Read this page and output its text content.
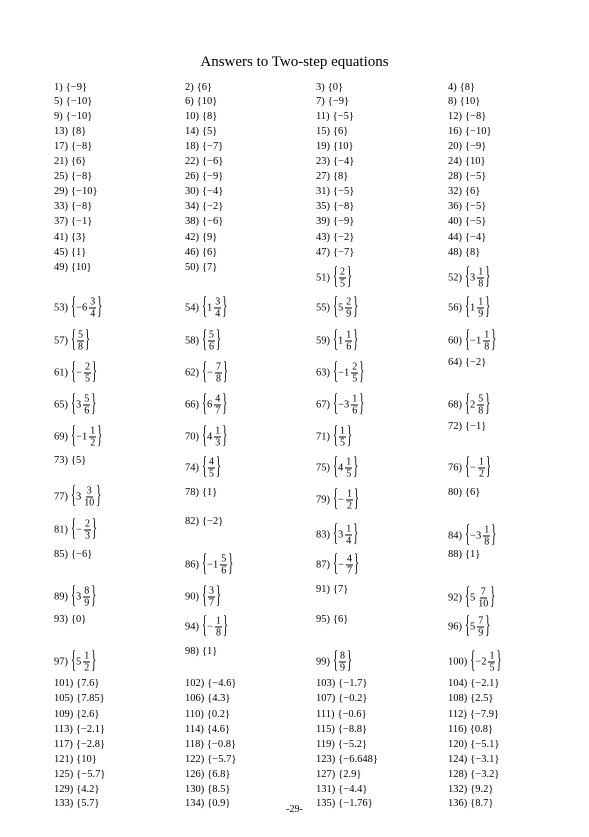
Answers to Two-step equations
1) { −9 }	2) { 6 }	3) { 0 }	4) { 8 }
5) { −10 }	6) { 10 }	7) { −9 }	8) { 10 }
9) { −10 }	10) { 8 }	11) { −5 }	12) { −8 }
13) { 8 }	14) { 5 }	15) { 6 }	16) { −10 }
17) { −8 }	18) { −7 }	19) { 10 }	20) { −9 }
21) { 6 }	22) { −6 }	23) { −4 }	24) { 10 }
25) { −8 }	26) { −9 }	27) { 8 }	28) { −5 }
29) { −10 }	30) { −4 }	31) { −5 }	32) { 6 }
33) { −8 }	34) { −2 }	35) { −8 }	36) { −5 }
37) { −1 }	38) { −6 }	39) { −9 }	40) { −5 }
41) { 3 }	42) { 9 }	43) { −2 }	44) { −4 }
45) { 1 }	46) { 6 }	47) { −7 }	48) { 8 }
49) { 10 }	50) { 7 }
51) { $\frac{2}{5}$ }	52) { $3 \frac{1}{8}$ }
53) { $-6 \frac{3}{4}$ }	54) { $1 \frac{3}{4}$ }	55) { $5 \frac{2}{9}$ }	56) { $1 \frac{1}{9}$ }
57) { $\frac{5}{8}$ }	58) { $\frac{5}{6}$ }	59) { $1 \frac{1}{6}$ }	60) { $-1 \frac{1}{8}$ }
61) { − $\frac{2}{5}$ }	62) { − $\frac{7}{8}$ }	63) { $-1 \frac{2}{5}$ }	64) { −2 }
65) { $3 \frac{5}{6}$ }	66) { $6 \frac{4}{7}$ }	67) { $-3 \frac{1}{6}$ }	68) { $2 \frac{5}{8}$ }
69) { $-1 \frac{1}{2}$ }	70) { $4 \frac{1}{3}$ }	71) { $\frac{1}{5}$ }	72) { −1 }
73) { 5 }
74) { $\frac{4}{5}$ }	75) { $4 \frac{1}{5}$ }	76) { − $\frac{1}{2}$ }
77) { $3 \frac{3}{10}$ }	78) { 1 }
79) { − $\frac{1}{2}$ }	80) { 6 }
81) { − $\frac{2}{3}$ }	82) { −2 }
83) { $3 \frac{1}{4}$ }	84) { $-3 \frac{1}{8}$ }
85) { −6 }
86) { $-1 \frac{5}{6}$ }	87) { − $\frac{4}{7}$ }	88) { 1 }
89) { $3 \frac{8}{9}$ }	90) { $\frac{3}{7}$ }	91) { 7 }
92) { $5 \frac{7}{10}$ }
93) { 0 }
94) { − $\frac{1}{8}$ }	95) { 6 }
96) { $5 \frac{7}{9}$ }
97) { $5 \frac{1}{2}$ }	98) { 1 }
99) { $\frac{8}{9}$ }	100) { $-2 \frac{1}{5}$ }
101) { 7.6 }	102) { −4.6 }	103) { −1.7 }	104) { −2.1 }
105) { 7.85 }	106) { 4.3 }	107) { −0.2 }	108) { 2.5 }
109) { 2.6 }	110) { 0.2 }	111) { −0.6 }	112) { −7.9 }
113) { −2.1 }	114) { 4.6 }	115) { −8.8 }	116) { 0.8 }
117) { −2.8 }	118) { −0.8 }	119) { −5.2 }	120) { −5.1 }
121) { 10 }	122) { −5.7 }	123) { −6.648 }	124) { −3.1 }
125) { −5.7 }	126) { 6.8 }	127) { 2.9 }	128) { −3.2 }
129) { 4.2 }	130) { 8.5 }	131) { −4.4 }	132) { 9.2 }
133) { 5.7 }	134) { 0.9 }	135) { −1.76 }	136) { 8.7 }
-29-
